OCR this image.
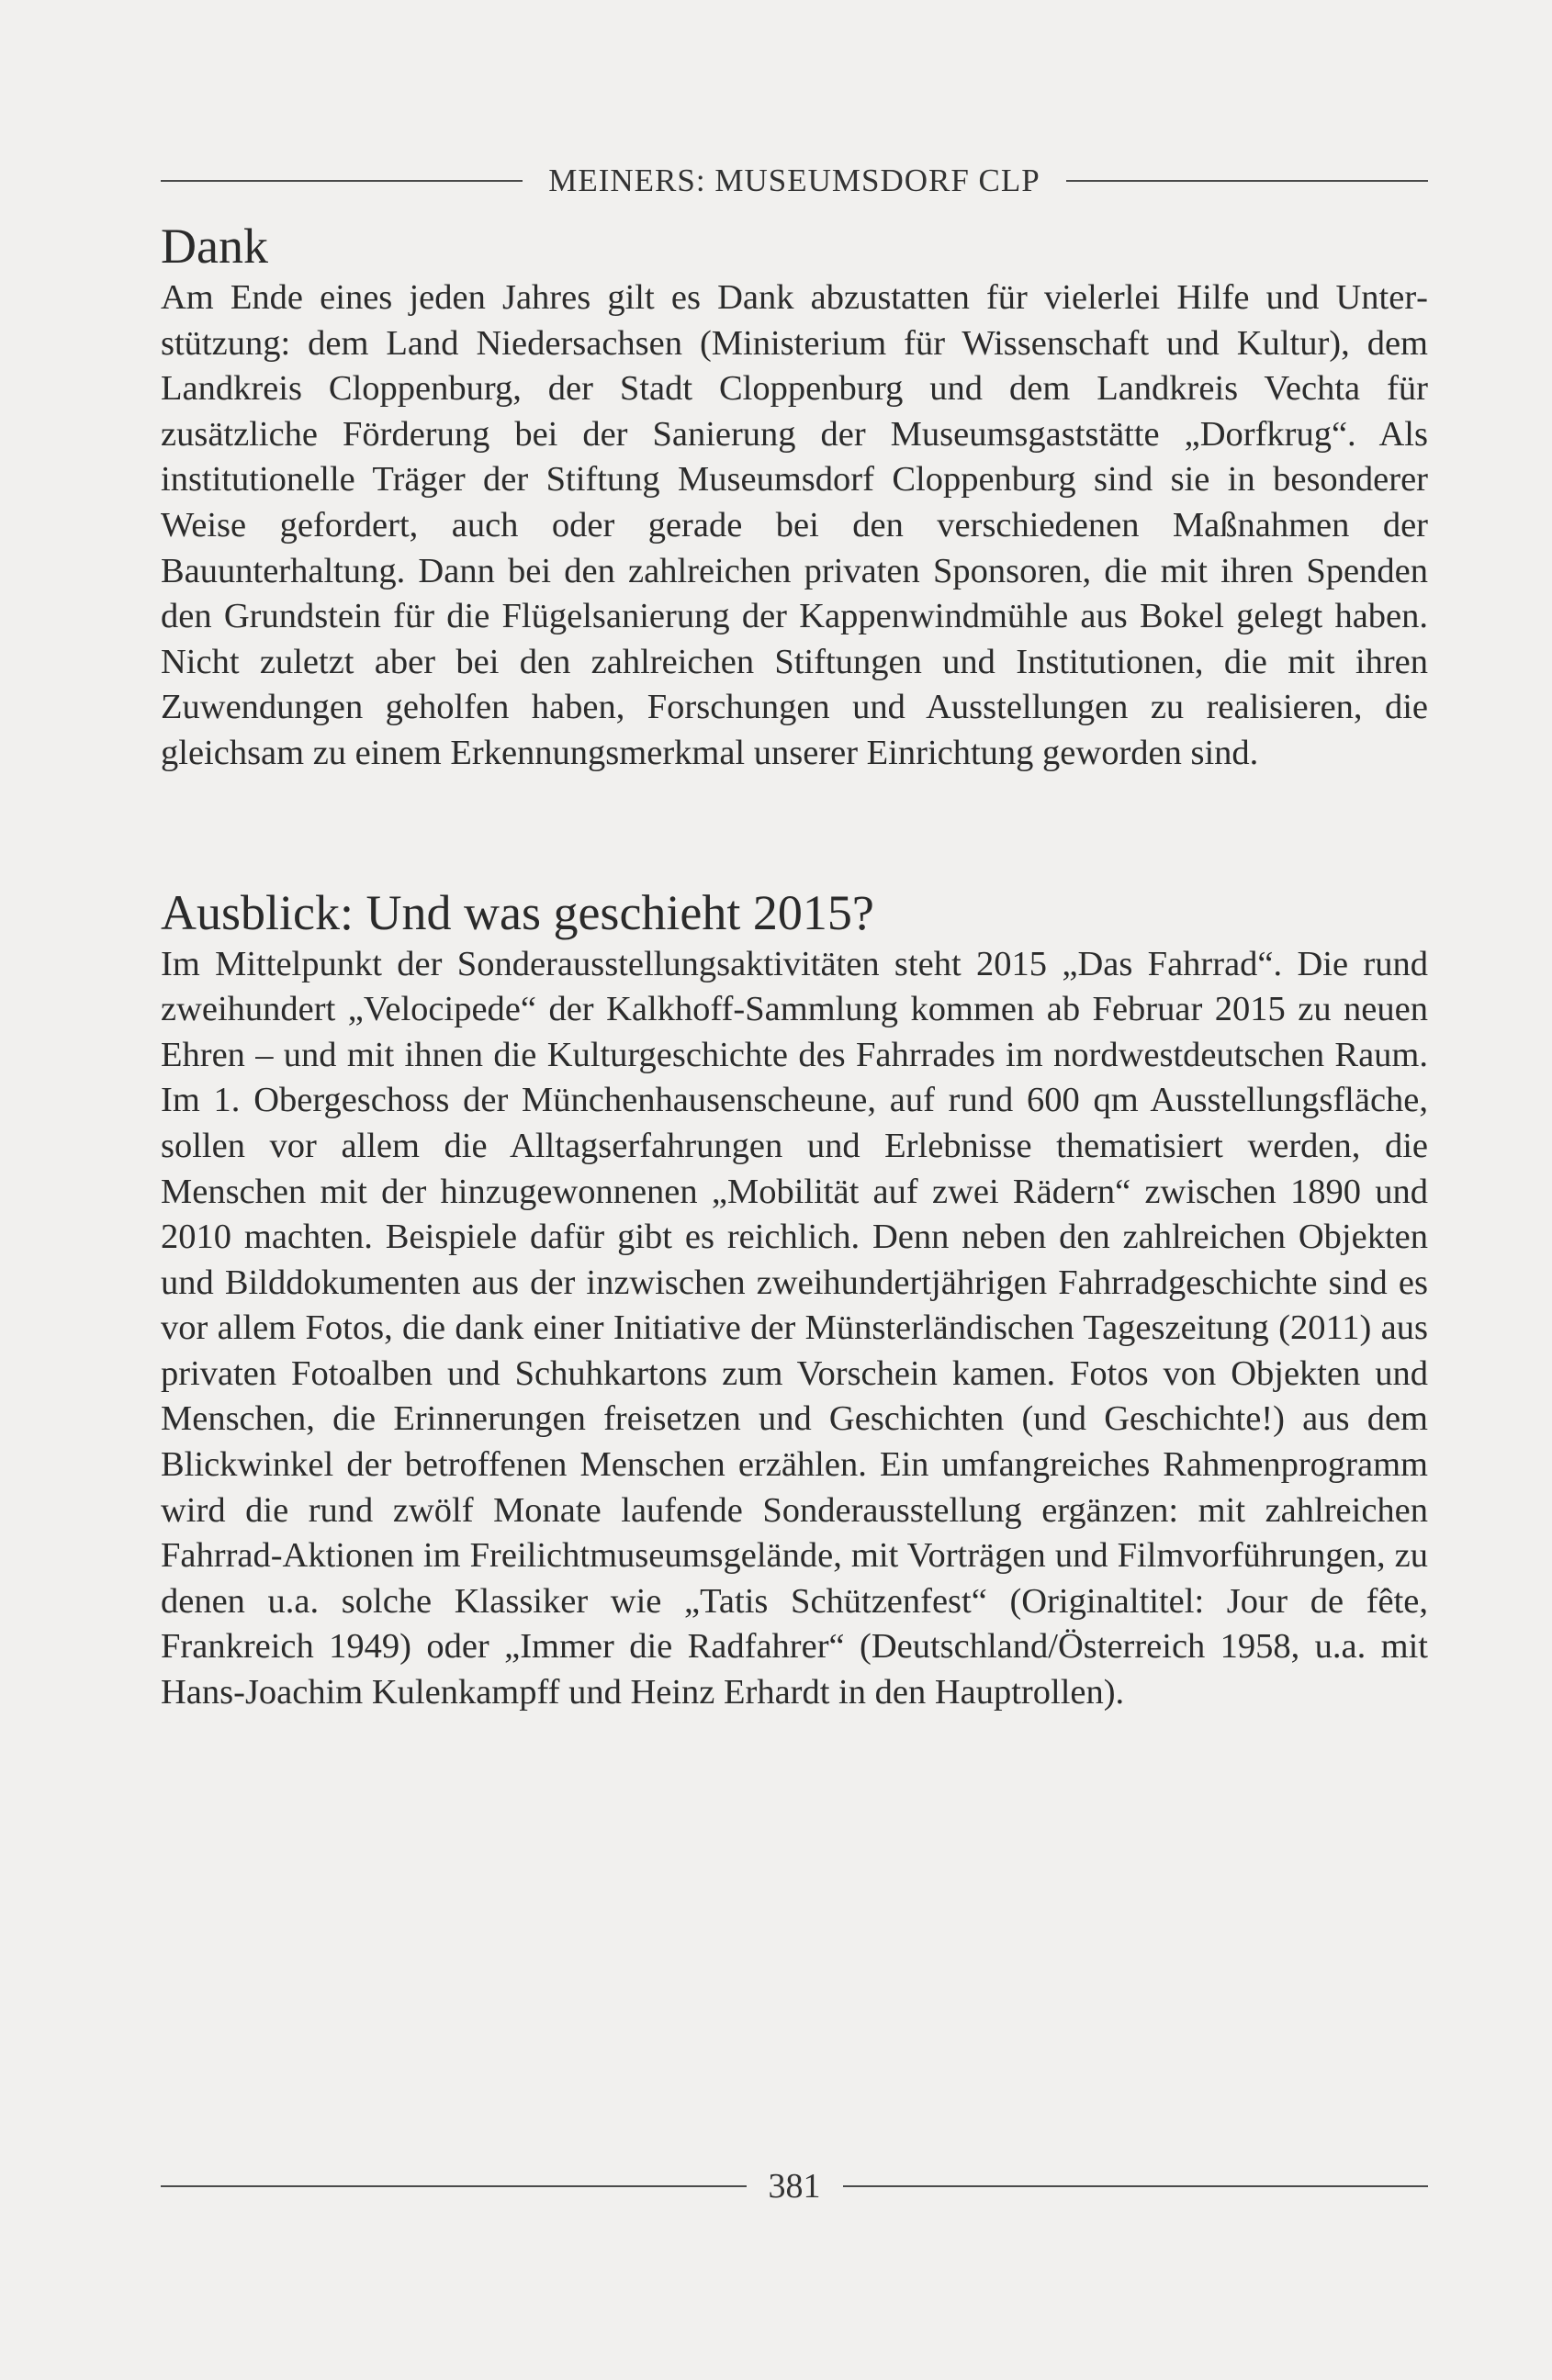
MEINERS: MUSEUMSDORF CLP
Dank

Am Ende eines jeden Jahres gilt es Dank abzustatten für vielerlei Hilfe und Unterstützung: dem Land Niedersachsen (Ministerium für Wissenschaft und Kultur), dem Landkreis Cloppenburg, der Stadt Cloppenburg und dem Landkreis Vechta für zusätzliche Förderung bei der Sanierung der Museumsgaststätte „Dorfkrug“. Als institutionelle Träger der Stiftung Museumsdorf Cloppenburg sind sie in besonderer Weise gefordert, auch oder gerade bei den verschiedenen Maßnahmen der Bauunterhaltung. Dann bei den zahlreichen privaten Sponsoren, die mit ihren Spenden den Grundstein für die Flügelsanierung der Kappenwindmühle aus Bokel gelegt haben. Nicht zuletzt aber bei den zahlreichen Stiftungen und Institutionen, die mit ihren Zuwendungen geholfen haben, Forschungen und Ausstellungen zu realisieren, die gleichsam zu einem Erkennungsmerkmal unserer Einrichtung geworden sind.

Ausblick: Und was geschieht 2015?

Im Mittelpunkt der Sonderausstellungsaktivitäten steht 2015 „Das Fahrrad“. Die rund zweihundert „Velocipede“ der Kalkhoff-Sammlung kommen ab Februar 2015 zu neuen Ehren – und mit ihnen die Kulturgeschichte des Fahrrades im nordwestdeutschen Raum. Im 1. Obergeschoss der Münchenhausenscheune, auf rund 600 qm Ausstellungsfläche, sollen vor allem die Alltagserfahrungen und Erlebnisse thematisiert werden, die Menschen mit der hinzugewonnenen „Mobilität auf zwei Rädern“ zwischen 1890 und 2010 machten. Beispiele dafür gibt es reichlich. Denn neben den zahlreichen Objekten und Bilddokumenten aus der inzwischen zweihundertjährigen Fahrradgeschichte sind es vor allem Fotos, die dank einer Initiative der Münsterländischen Tageszeitung (2011) aus privaten Fotoalben und Schuhkartons zum Vorschein kamen. Fotos von Objekten und Menschen, die Erinnerungen freisetzen und Geschichten (und Geschichte!) aus dem Blickwinkel der betroffenen Menschen erzählen. Ein umfangreiches Rahmenprogramm wird die rund zwölf Monate laufende Sonderausstellung ergänzen: mit zahlreichen Fahrrad-Aktionen im Freilichtmuseumsgelände, mit Vorträgen und Filmvorführungen, zu denen u.a. solche Klassiker wie „Tatis Schützenfest“ (Originaltitel: Jour de fête, Frankreich 1949) oder „Immer die Radfahrer“ (Deutschland/Österreich 1958, u.a. mit Hans-Joachim Kulenkampff und Heinz Erhardt in den Hauptrollen).

381
